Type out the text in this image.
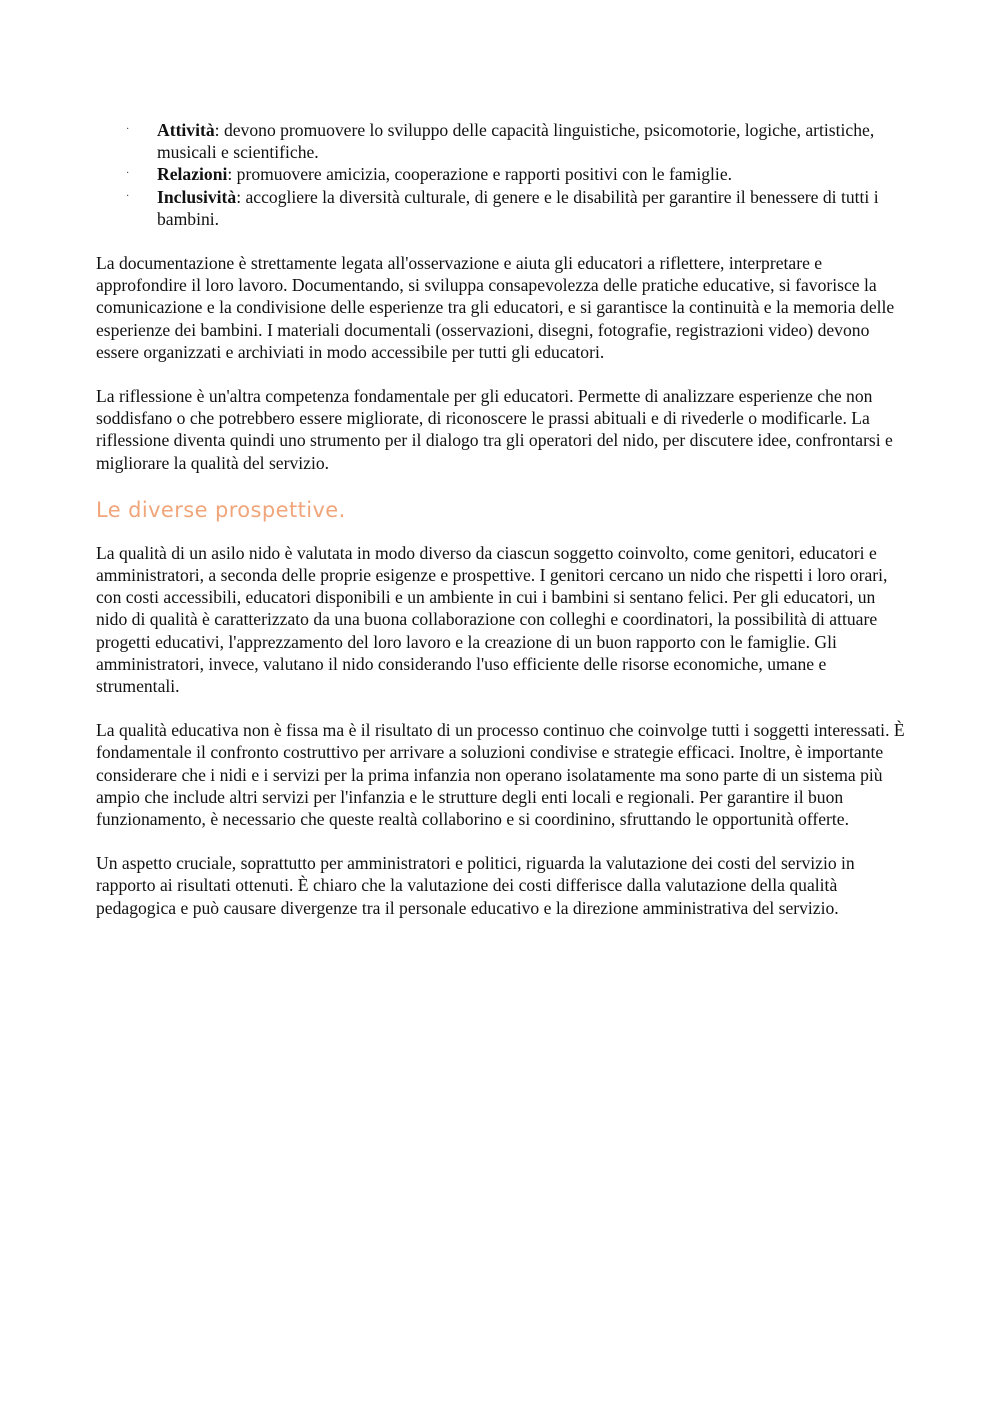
· Attività: devono promuovere lo sviluppo delle capacità linguistiche, psicomotorie, logiche, artistiche, musicali e scientifiche.
· Relazioni: promuovere amicizia, cooperazione e rapporti positivi con le famiglie.
· Inclusività: accogliere la diversità culturale, di genere e le disabilità per garantire il benessere di tutti i bambini.

La documentazione è strettamente legata all'osservazione e aiuta gli educatori a riflettere, interpretare e approfondire il loro lavoro. Documentando, si sviluppa consapevolezza delle pratiche educative, si favorisce la comunicazione e la condivisione delle esperienze tra gli educatori, e si garantisce la continuità e la memoria delle esperienze dei bambini. I materiali documentali (osservazioni, disegni, fotografie, registrazioni video) devono essere organizzati e archiviati in modo accessibile per tutti gli educatori.

La riflessione è un'altra competenza fondamentale per gli educatori. Permette di analizzare esperienze che non soddisfano o che potrebbero essere migliorate, di riconoscere le prassi abituali e di rivederle o modificarle. La riflessione diventa quindi uno strumento per il dialogo tra gli operatori del nido, per discutere idee, confrontarsi e migliorare la qualità del servizio.

Le diverse prospettive.

La qualità di un asilo nido è valutata in modo diverso da ciascun soggetto coinvolto, come genitori, educatori e amministratori, a seconda delle proprie esigenze e prospettive. I genitori cercano un nido che rispetti i loro orari, con costi accessibili, educatori disponibili e un ambiente in cui i bambini si sentano felici. Per gli educatori, un nido di qualità è caratterizzato da una buona collaborazione con colleghi e coordinatori, la possibilità di attuare progetti educativi, l'apprezzamento del loro lavoro e la creazione di un buon rapporto con le famiglie. Gli amministratori, invece, valutano il nido considerando l'uso efficiente delle risorse economiche, umane e strumentali.

La qualità educativa non è fissa ma è il risultato di un processo continuo che coinvolge tutti i soggetti interessati. È fondamentale il confronto costruttivo per arrivare a soluzioni condivise e strategie efficaci. Inoltre, è importante considerare che i nidi e i servizi per la prima infanzia non operano isolatamente ma sono parte di un sistema più ampio che include altri servizi per l'infanzia e le strutture degli enti locali e regionali. Per garantire il buon funzionamento, è necessario che queste realtà collaborino e si coordinino, sfruttando le opportunità offerte.

Un aspetto cruciale, soprattutto per amministratori e politici, riguarda la valutazione dei costi del servizio in rapporto ai risultati ottenuti. È chiaro che la valutazione dei costi differisce dalla valutazione della qualità pedagogica e può causare divergenze tra il personale educativo e la direzione amministrativa del servizio.
